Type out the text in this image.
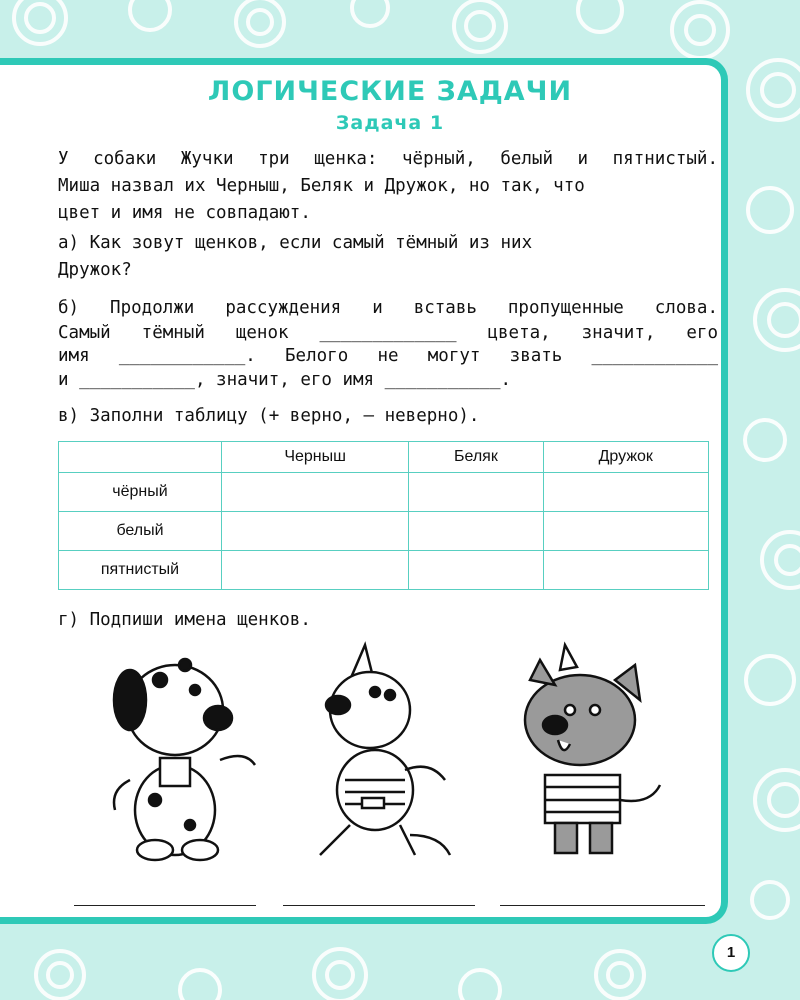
ЛОГИЧЕСКИЕ ЗАДАЧИ
Задача 1
У собаки Жучки три щенка: чёрный, белый и пятнистый.
Миша назвал их Черныш, Беляк и Дружок, но так, что
цвет и имя не совпадают.
а) Как зовут щенков, если самый тёмный из них
Дружок?
б) Продолжи рассуждения и вставь пропущенные слова.
Самый тёмный щенок _____________ цвета, значит, его
имя ____________. Белого не могут звать ____________
и ___________, значит, его имя ___________.
в) Заполни таблицу (+ верно, – неверно).
	Черныш	Беляк	Дружок
чёрный			
белый			
пятнистый			
г) Подпиши имена щенков.
1
